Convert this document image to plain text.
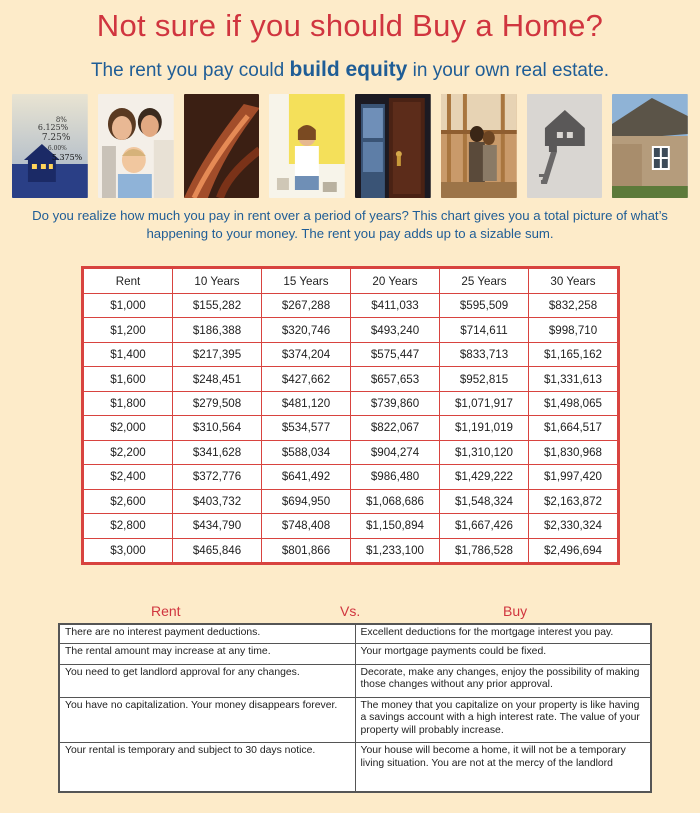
Not sure if you should Buy a Home?
The rent you pay could build equity in your own real estate.
8%
6.125%
7.25%
6.00%
5.375%

Do you realize how much you pay in rent over a period of years? This chart gives you a total picture of what’s happening to your money. The rent you pay adds up to a sizable sum.

Rent	10 Years	15 Years	20 Years	25 Years	30 Years
$1,000	$155,282	$267,288	$411,033	$595,509	$832,258
$1,200	$186,388	$320,746	$493,240	$714,611	$998,710
$1,400	$217,395	$374,204	$575,447	$833,713	$1,165,162
$1,600	$248,451	$427,662	$657,653	$952,815	$1,331,613
$1,800	$279,508	$481,120	$739,860	$1,071,917	$1,498,065
$2,000	$310,564	$534,577	$822,067	$1,191,019	$1,664,517
$2,200	$341,628	$588,034	$904,274	$1,310,120	$1,830,968
$2,400	$372,776	$641,492	$986,480	$1,429,222	$1,997,420
$2,600	$403,732	$694,950	$1,068,686	$1,548,324	$2,163,872
$2,800	$434,790	$748,408	$1,150,894	$1,667,426	$2,330,324
$3,000	$465,846	$801,866	$1,233,100	$1,786,528	$2,496,694
Rent	Vs.	Buy
There are no interest payment deductions.	Excellent deductions for the mortgage interest you pay.
The rental amount may increase at any time.	Your mortgage payments could be fixed.
You need to get landlord approval for any changes.	Decorate, make any changes, enjoy the possibility of making those changes without any prior approval.
You have no capitalization. Your money disappears forever.	The money that you capitalize on your property is like having a savings account with a high interest rate. The value of your property will probably increase.
Your rental is temporary and subject to 30 days notice.	Your house will become a home, it will not be a temporary living situation. You are not at the mercy of the landlord
